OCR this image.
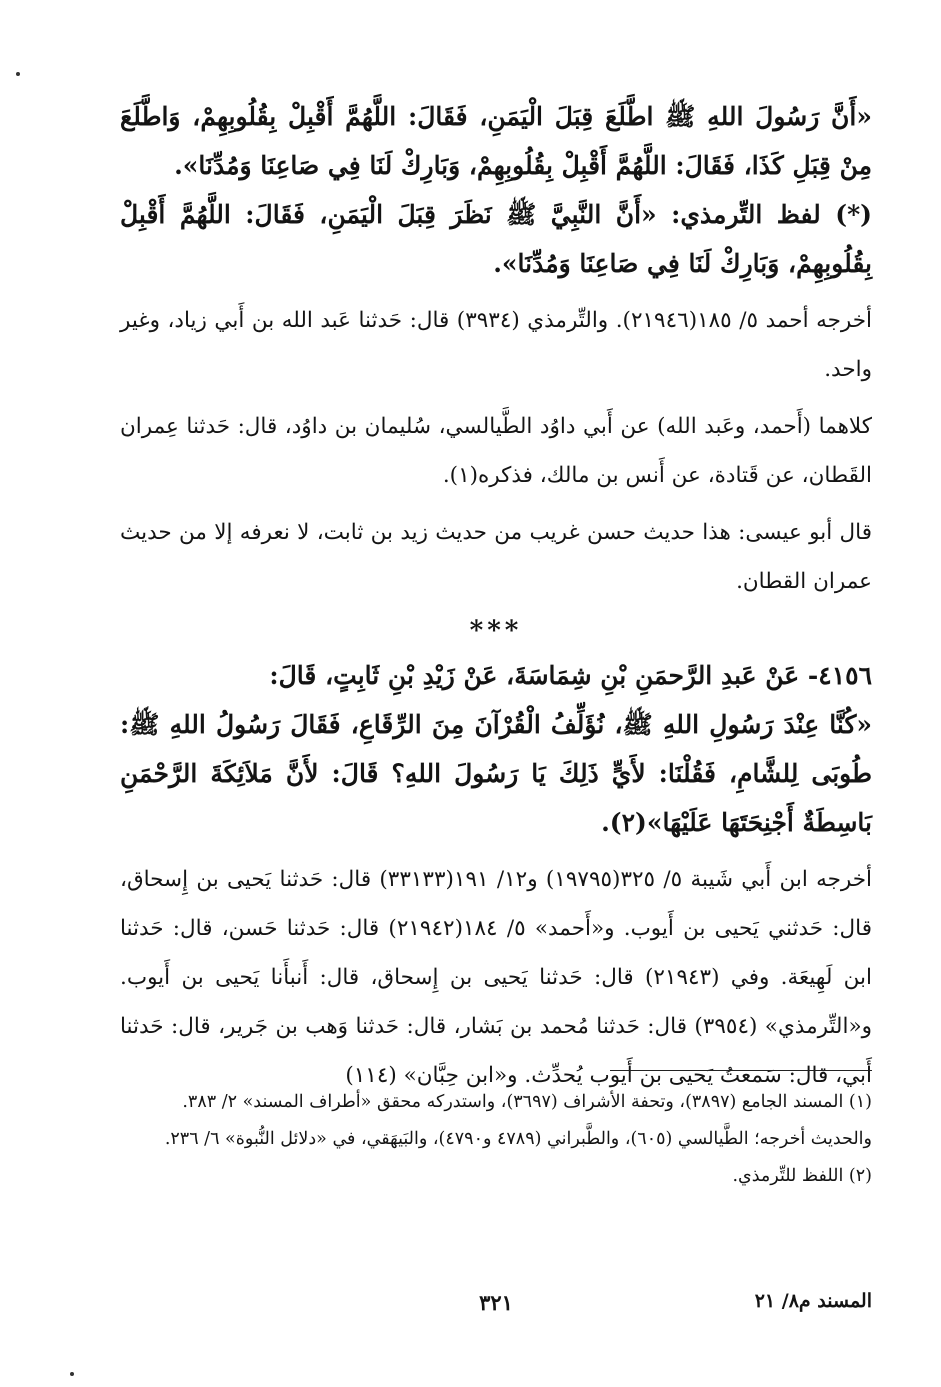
«أَنَّ رَسُولَ اللهِ ﷺ اطَّلَعَ قِبَلَ الْيَمَنِ، فَقَالَ: اللَّهُمَّ أَقْبِلْ بِقُلُوبِهِمْ، وَاطَّلَعَ مِنْ قِبَلِ كَذَا، فَقَالَ: اللَّهُمَّ أَقْبِلْ بِقُلُوبِهِمْ، وَبَارِكْ لَنَا فِي صَاعِنَا وَمُدِّنَا».

(*) لفظ التِّرمذي: «أَنَّ النَّبِيَّ ﷺ نَظَرَ قِبَلَ الْيَمَنِ، فَقَالَ: اللَّهُمَّ أَقْبِلْ بِقُلُوبِهِمْ، وَبَارِكْ لَنَا فِي صَاعِنَا وَمُدِّنَا».

أخرجه أحمد ٥/ ١٨٥(٢١٩٤٦). والتِّرمذي (٣٩٣٤) قال: حَدثنا عَبد الله بن أَبي زياد، وغير واحد.

كلاهما (أَحمد، وعَبد الله) عن أَبي داوُد الطَّيالسي، سُليمان بن داوُد، قال: حَدثنا عِمران القَطان، عن قَتادة، عن أَنس بن مالك، فذكره(١).

قال أبو عيسى: هذا حديث حسن غريب من حديث زيد بن ثابت، لا نعرفه إلا من حديث عمران القطان.

***

٤١٥٦- عَنْ عَبدِ الرَّحمَنِ بْنِ شِمَاسَةَ، عَنْ زَيْدِ بْنِ ثَابِتٍ، قَالَ:

«كُنَّا عِنْدَ رَسُولِ اللهِ ﷺ، نُؤَلِّفُ الْقُرْآنَ مِنَ الرِّقَاعِ، فَقَالَ رَسُولُ اللهِ ﷺ: طُوبَى لِلشَّامِ، فَقُلْنَا: لأَيٍّ ذَلِكَ يَا رَسُولَ اللهِ؟ قَالَ: لأَنَّ مَلاَئِكَةَ الرَّحْمَنِ بَاسِطَةٌ أَجْنِحَتَهَا عَلَيْهَا»(٢).

أخرجه ابن أَبي شَيبة ٥/ ٣٢٥(١٩٧٩٥) و١٢/ ١٩١(٣٣١٣٣) قال: حَدثنا يَحيى بن إِسحاق، قال: حَدثني يَحيى بن أَيوب. و«أَحمد» ٥/ ١٨٤(٢١٩٤٢) قال: حَدثنا حَسن، قال: حَدثنا ابن لَهِيعَة. وفي (٢١٩٤٣) قال: حَدثنا يَحيى بن إِسحاق، قال: أَنبأَنا يَحيى بن أَيوب. و«التِّرمذي» (٣٩٥٤) قال: حَدثنا مُحمد بن بَشار، قال: حَدثنا وَهب بن جَرير، قال: حَدثنا أَبي، قال: سَمعتُ يَحيى بن أَيوب يُحدِّث. و«ابن حِبَّان» (١١٤)

(١) المسند الجامع (٣٨٩٧)، وتحفة الأشراف (٣٦٩٧)، واستدركه محقق «أطراف المسند» ٢/ ٣٨٣.

والحديث أخرجه؛ الطَّيالسي (٦٠٥)، والطَّبراني (٤٧٨٩ و٤٧٩٠)، والبَيهَقي، في «دلائل النُّبوة» ٦/ ٢٣٦.

(٢) اللفظ للتِّرمذي.

المسند م٨/ ٢١
٣٢١
